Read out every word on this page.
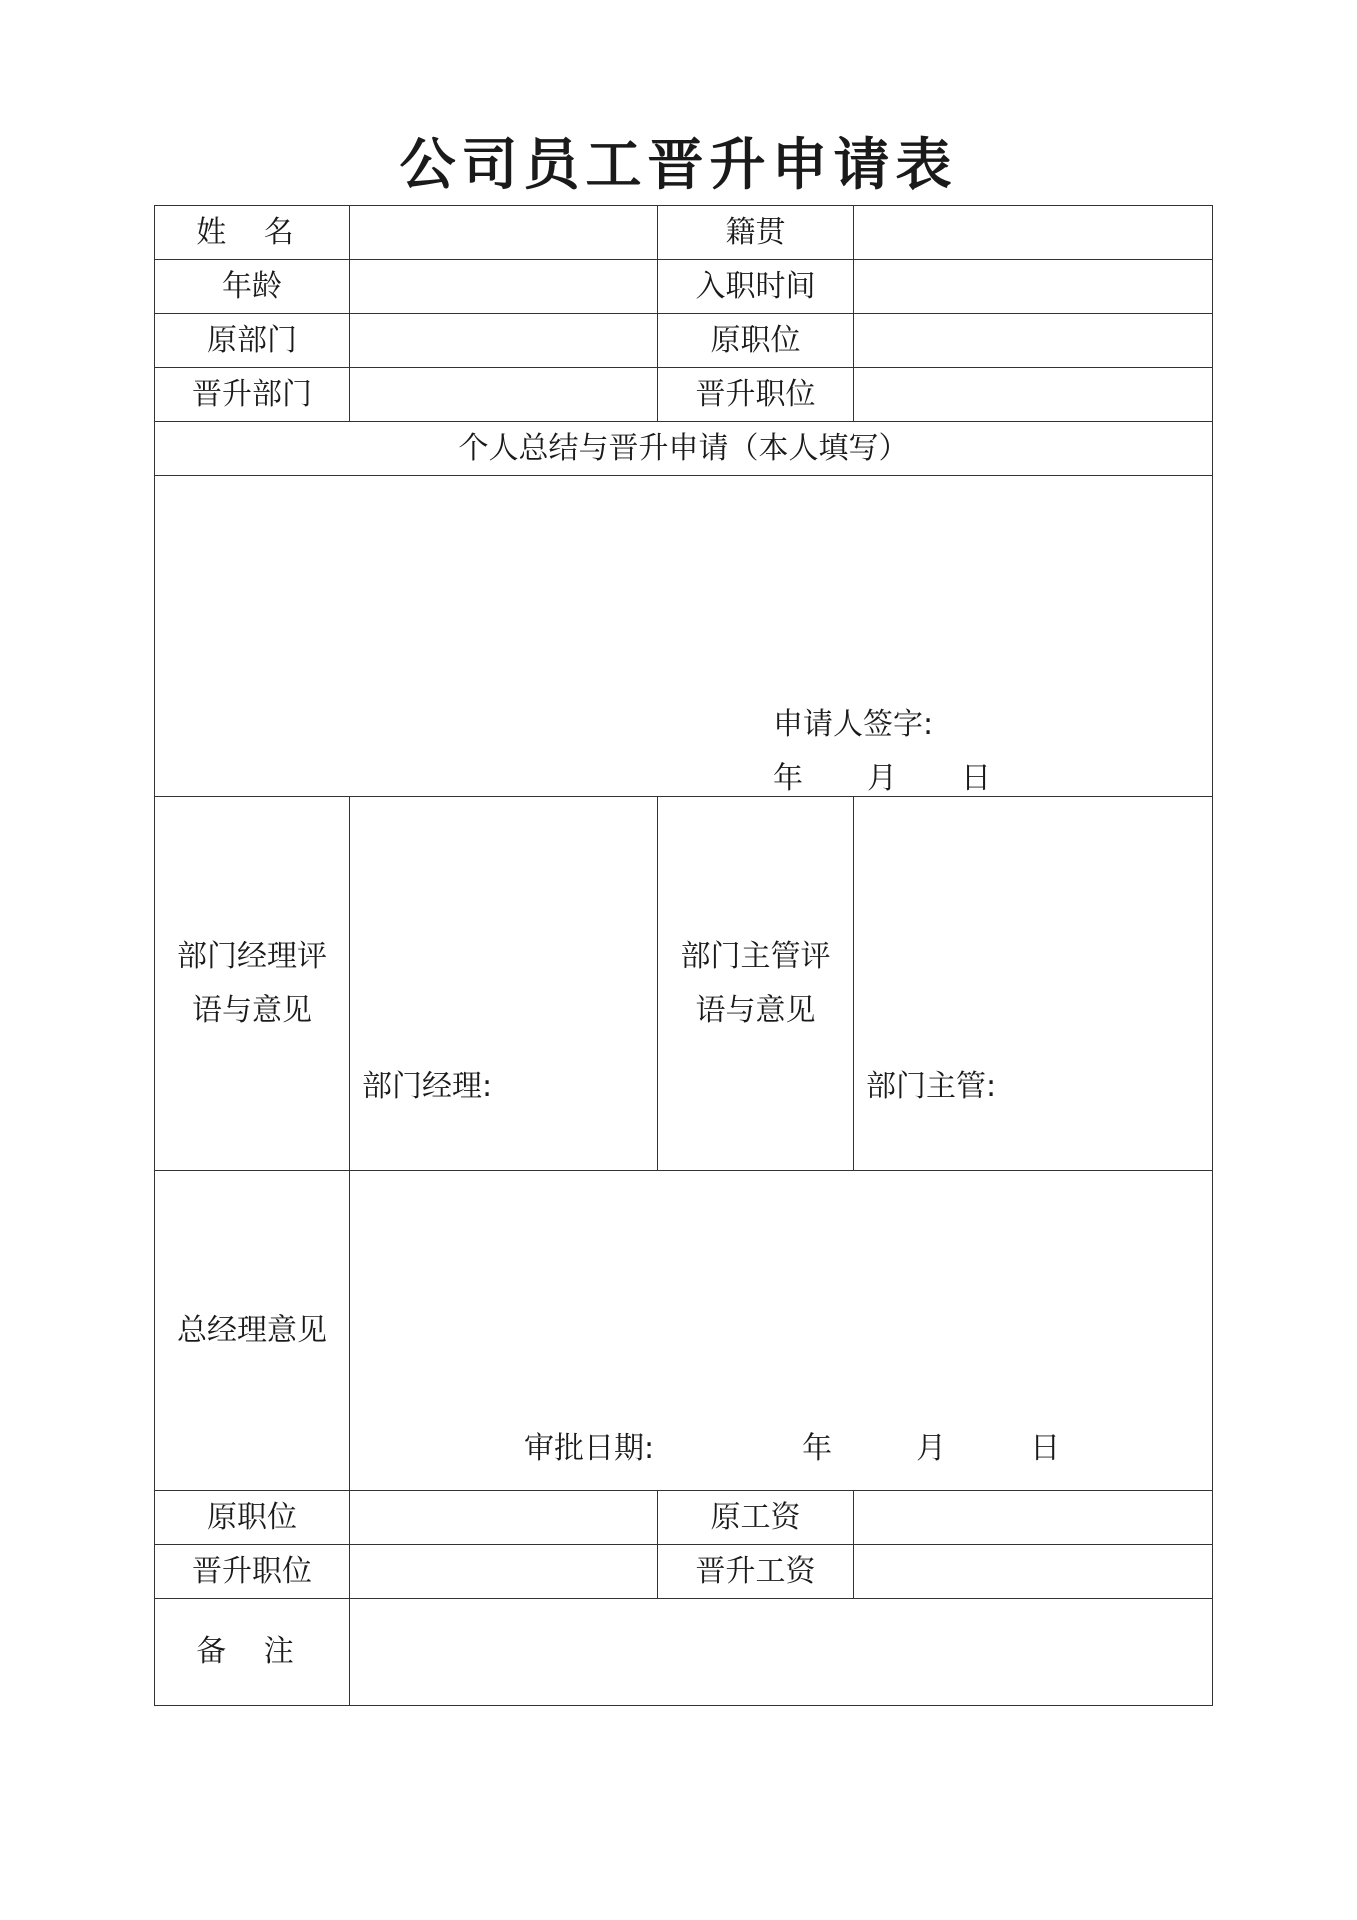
公司员工晋升申请表
姓 名		籍贯	
年龄		入职时间	
原部门		原职位	
晋升部门		晋升职位	
个人总结与晋升申请（本人填写）			

申请人签字:
年 月 日			

部门经理评语与意见	部门经理:	部门主管评语与意见	部门主管:

总经理意见	审批日期: 年 月 日		

原职位		原工资	
晋升职位		晋升工资	
备 注			
